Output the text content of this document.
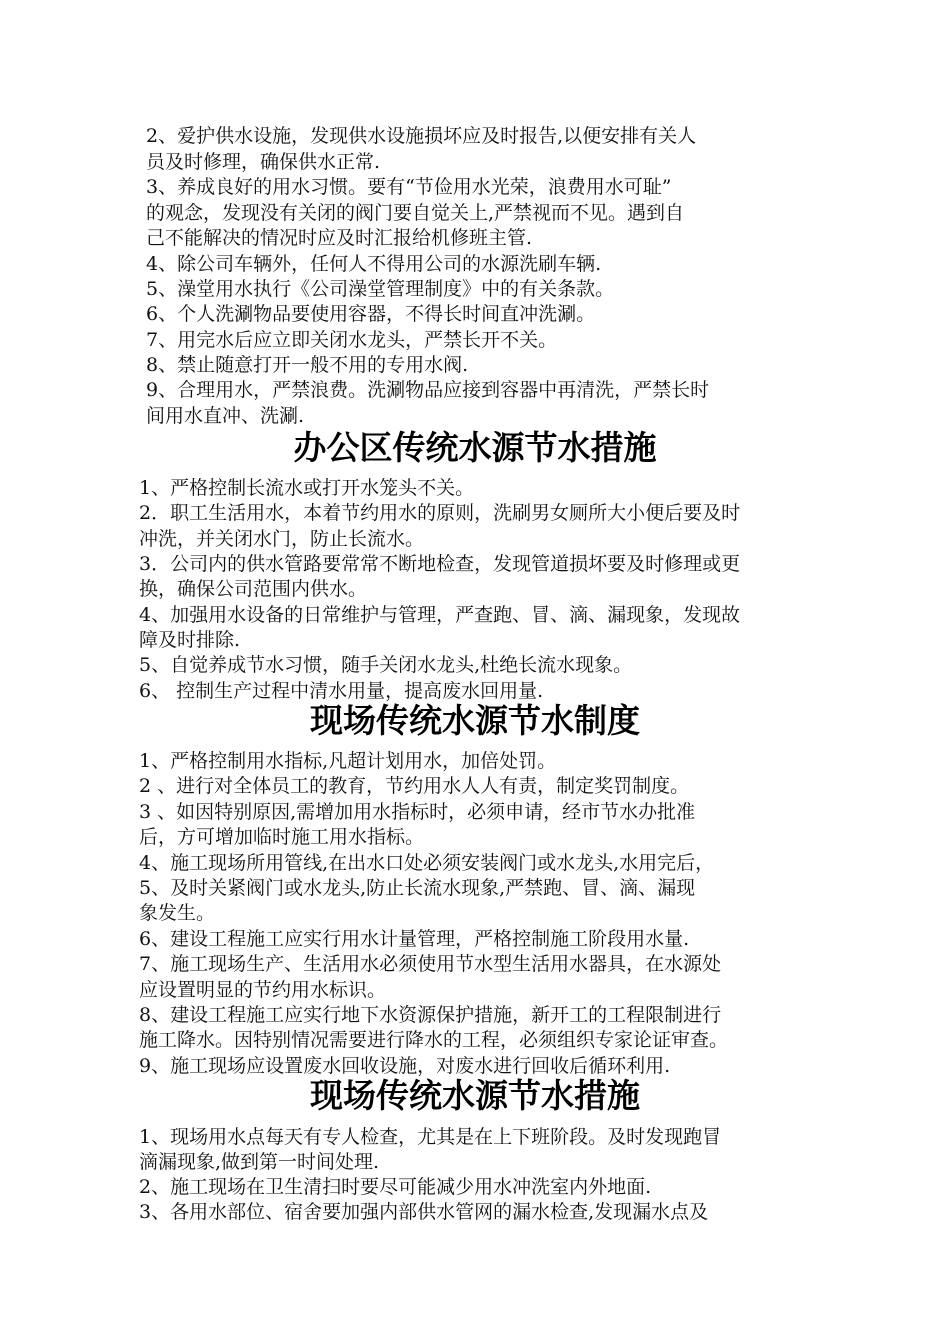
2、爱护供水设施，发现供水设施损坏应及时报告,以便安排有关人
员及时修理，确保供水正常.
3、养成良好的用水习惯。要有“节俭用水光荣，浪费用水可耻”
的观念，发现没有关闭的阀门要自觉关上,严禁视而不见。遇到自
己不能解决的情况时应及时汇报给机修班主管.
4、除公司车辆外，任何人不得用公司的水源洗刷车辆.
5、澡堂用水执行《公司澡堂管理制度》中的有关条款。
6、个人洗涮物品要使用容器，不得长时间直冲洗涮。
7、用完水后应立即关闭水龙头，严禁长开不关。
8、禁止随意打开一般不用的专用水阀.
9、合理用水，严禁浪费。洗涮物品应接到容器中再清洗，严禁长时
间用水直冲、洗涮.
办公区传统水源节水措施
1、严格控制长流水或打开水笼头不关。
2．职工生活用水，本着节约用水的原则，洗刷男女厕所大小便后要及时
冲洗，并关闭水门，防止长流水。
3．公司内的供水管路要常常不断地检查，发现管道损坏要及时修理或更
换，确保公司范围内供水。
4、加强用水设备的日常维护与管理，严查跑、冒、滴、漏现象，发现故
障及时排除.
5、自觉养成节水习惯，随手关闭水龙头,杜绝长流水现象。
6、 控制生产过程中清水用量，提高废水回用量.
现场传统水源节水制度
1、严格控制用水指标,凡超计划用水，加倍处罚。
2 、进行对全体员工的教育，节约用水人人有责，制定奖罚制度。
3 、如因特别原因,需增加用水指标时，必须申请，经市节水办批准
后，方可增加临时施工用水指标。
4、施工现场所用管线,在出水口处必须安装阀门或水龙头,水用完后，
5、及时关紧阀门或水龙头,防止长流水现象,严禁跑、冒、滴、漏现
象发生。
6、建设工程施工应实行用水计量管理，严格控制施工阶段用水量.
7、施工现场生产、生活用水必须使用节水型生活用水器具，在水源处
应设置明显的节约用水标识。
8、建设工程施工应实行地下水资源保护措施，新开工的工程限制进行
施工降水。因特别情况需要进行降水的工程，必须组织专家论证审查。
9、施工现场应设置废水回收设施，对废水进行回收后循环利用.
现场传统水源节水措施
1、现场用水点每天有专人检查，尤其是在上下班阶段。及时发现跑冒
滴漏现象,做到第一时间处理.
2、施工现场在卫生清扫时要尽可能减少用水冲洗室内外地面.
3、各用水部位、宿舍要加强内部供水管网的漏水检查,发现漏水点及
